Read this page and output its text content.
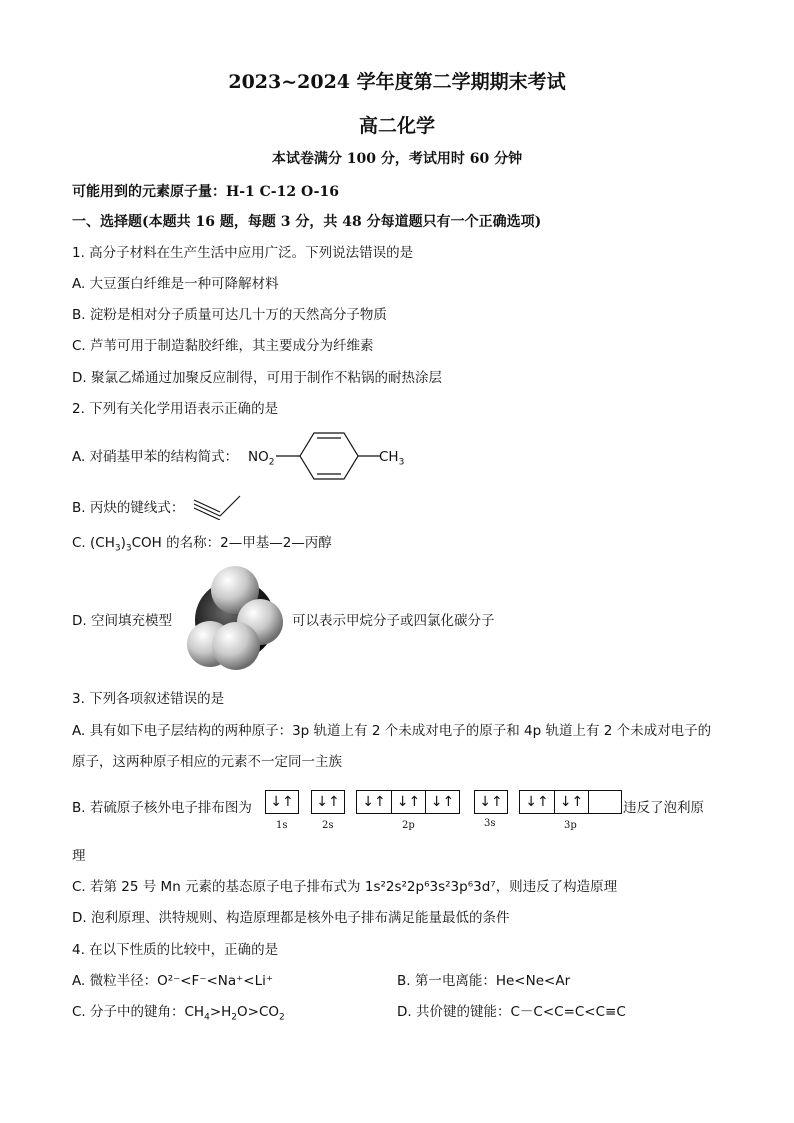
2023~2024 学年度第二学期期末考试
高二化学
本试卷满分 100 分，考试用时 60 分钟
可能用到的元素原子量：H-1 C-12 O-16
一、选择题(本题共 16 题，每题 3 分，共 48 分每道题只有一个正确选项)
1. 高分子材料在生产生活中应用广泛。下列说法错误的是
A. 大豆蛋白纤维是一种可降解材料
B. 淀粉是相对分子质量可达几十万的天然高分子物质
C. 芦苇可用于制造黏胶纤维，其主要成分为纤维素
D. 聚氯乙烯通过加聚反应制得，可用于制作不粘锅的耐热涂层
2. 下列有关化学用语表示正确的是
A. 对硝基甲苯的结构简式： $NO_2$	$CH_3$
B. 丙炔的键线式：
C. $(CH_3)_3COH$ 的名称：2—甲基—2—丙醇
D. 空间填充模型	可以表示甲烷分子或四氯化碳分子
3. 下列各项叙述错误的是
A. 具有如下电子层结构的两种原子：3p 轨道上有 2 个未成对电子的原子和 4p 轨道上有 2 个未成对电子的
原子，这两种原子相应的元素不一定同一主族
B. 若硫原子核外电子排布图为	↓↑	↓↑	↓↑ ↓↑ ↓↑	↓↑	↓↑ ↓↑
1s	2s	2p	3s	3p
违反了泡利原
理
C. 若第 25 号 Mn 元素的基态原子电子排布式为 1s²2s²2p⁶3s²3p⁶3d⁷，则违反了构造原理
D. 泡利原理、洪特规则、构造原理都是核外电子排布满足能量最低的条件
4. 在以下性质的比较中，正确的是
A. 微粒半径：O²⁻<F⁻<Na⁺<Li⁺	B. 第一电离能：He<Ne<Ar
C. 分子中的键角：$CH_4>H_2O>CO_2$	D. 共价键的键能：C－C<C=C<C≡C
